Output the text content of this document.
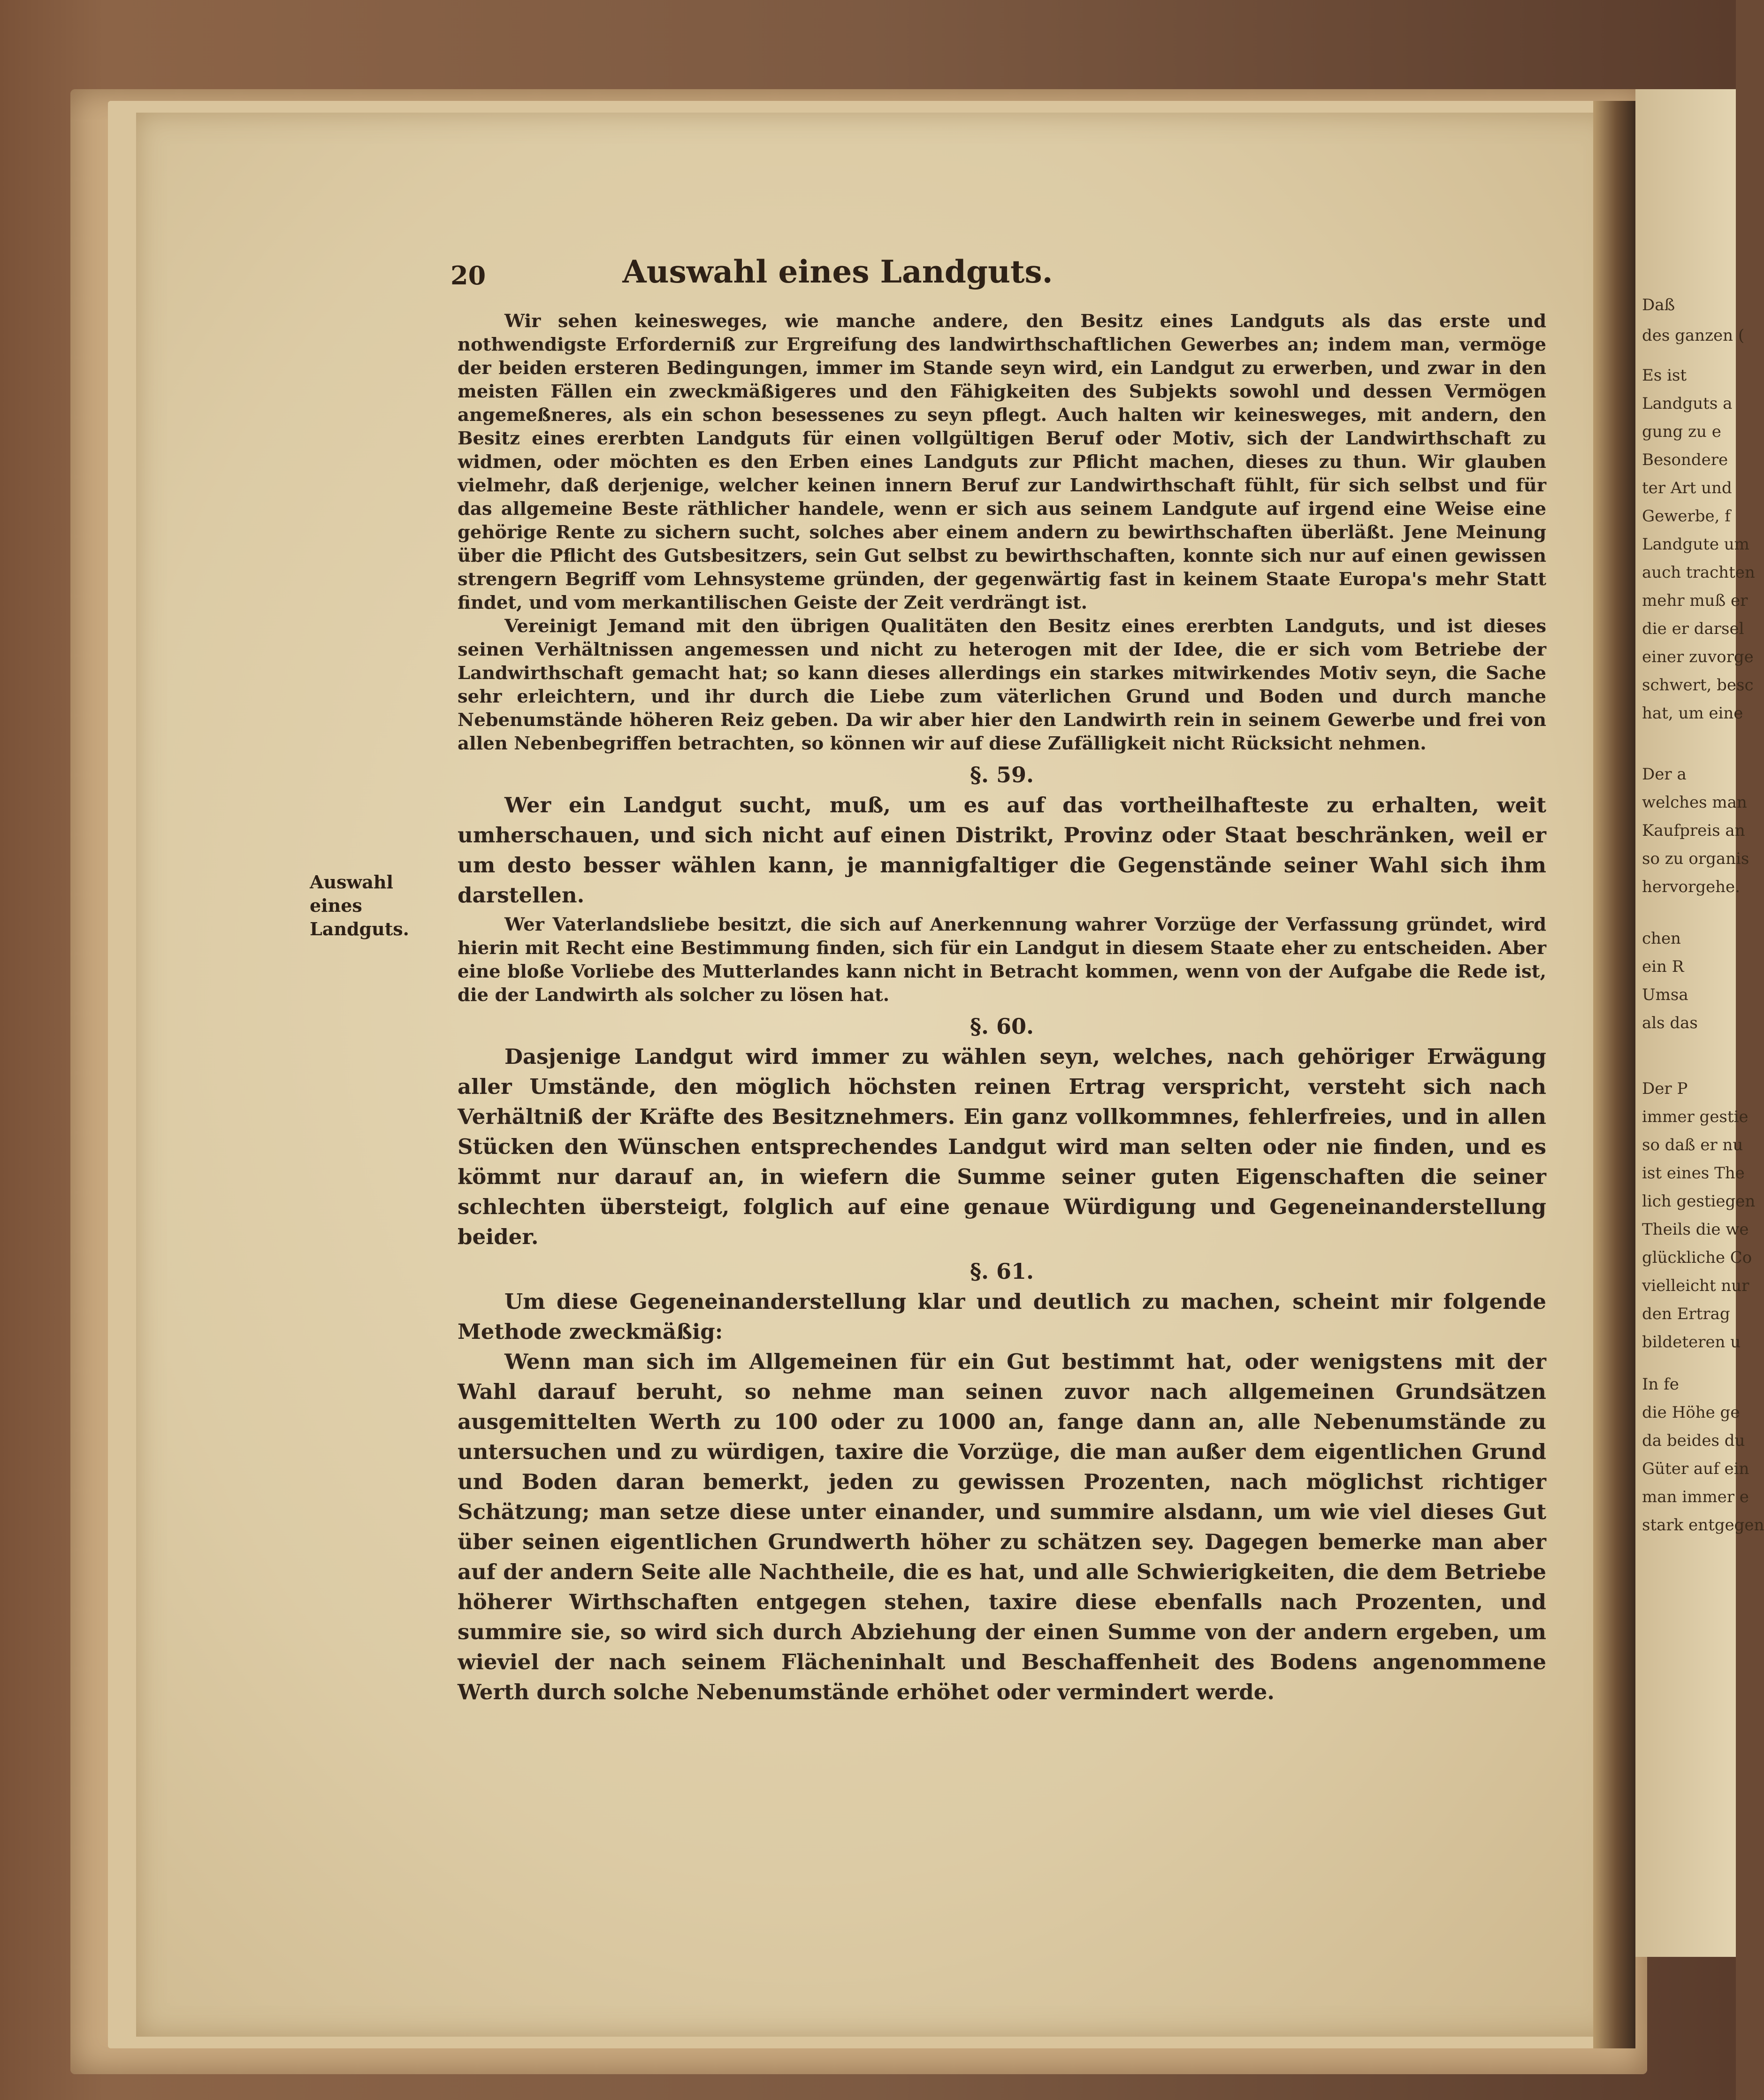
Daß
des ganzen (
Es ist
Landguts a
gung zu e
Besondere
ter Art und
Gewerbe, f
Landgute um
auch trachten
mehr muß er
die er darsel
einer zuvorge
schwert, besc
hat, um eine
Der a
welches man
Kaufpreis an
so zu organis
hervorgehe.
chen
ein R
Umsa
als das
Der P
immer gestie
so daß er nu
ist eines The
lich gestiegen
Theils die we
glückliche Co
vielleicht nur
den Ertrag
bildeteren u
In fe
die Höhe ge
da beides du
Güter auf ein
man immer e
stark entgegen
20	Auswahl eines Landguts.
Auswahl eines
Landguts.

Wir sehen keinesweges, wie manche andere, den Besitz eines Landguts als das erste und nothwendigste Erforderniß zur Ergreifung des landwirthschaftlichen Gewerbes an; indem man, vermöge der beiden ersteren Bedingungen, immer im Stande seyn wird, ein Landgut zu erwerben, und zwar in den meisten Fällen ein zweckmäßigeres und den Fähigkeiten des Subjekts sowohl und dessen Vermögen angemeßneres, als ein schon besessenes zu seyn pflegt. Auch halten wir keinesweges, mit andern, den Besitz eines ererbten Landguts für einen vollgültigen Beruf oder Motiv, sich der Landwirthschaft zu widmen, oder möchten es den Erben eines Landguts zur Pflicht machen, dieses zu thun. Wir glauben vielmehr, daß derjenige, welcher keinen innern Beruf zur Landwirthschaft fühlt, für sich selbst und für das allgemeine Beste räthlicher handele, wenn er sich aus seinem Landgute auf irgend eine Weise eine gehörige Rente zu sichern sucht, solches aber einem andern zu bewirthschaften überläßt. Jene Meinung über die Pflicht des Gutsbesitzers, sein Gut selbst zu bewirthschaften, konnte sich nur auf einen gewissen strengern Begriff vom Lehnsysteme gründen, der gegenwärtig fast in keinem Staate Europa's mehr Statt findet, und vom merkantilischen Geiste der Zeit verdrängt ist.

Vereinigt Jemand mit den übrigen Qualitäten den Besitz eines ererbten Landguts, und ist dieses seinen Verhältnissen angemessen und nicht zu heterogen mit der Idee, die er sich vom Betriebe der Landwirthschaft gemacht hat; so kann dieses allerdings ein starkes mitwirkendes Motiv seyn, die Sache sehr erleichtern, und ihr durch die Liebe zum väterlichen Grund und Boden und durch manche Nebenumstände höheren Reiz geben. Da wir aber hier den Landwirth rein in seinem Gewerbe und frei von allen Nebenbegriffen betrachten, so können wir auf diese Zufälligkeit nicht Rücksicht nehmen.

§. 59.

Wer ein Landgut sucht, muß, um es auf das vortheilhafteste zu erhalten, weit umherschauen, und sich nicht auf einen Distrikt, Provinz oder Staat beschränken, weil er um desto besser wählen kann, je mannigfaltiger die Gegenstände seiner Wahl sich ihm darstellen.

Wer Vaterlandsliebe besitzt, die sich auf Anerkennung wahrer Vorzüge der Verfassung gründet, wird hierin mit Recht eine Bestimmung finden, sich für ein Landgut in diesem Staate eher zu entscheiden. Aber eine bloße Vorliebe des Mutterlandes kann nicht in Betracht kommen, wenn von der Aufgabe die Rede ist, die der Landwirth als solcher zu lösen hat.

§. 60.

Dasjenige Landgut wird immer zu wählen seyn, welches, nach gehöriger Erwägung aller Umstände, den möglich höchsten reinen Ertrag verspricht, versteht sich nach Verhältniß der Kräfte des Besitznehmers. Ein ganz vollkommnes, fehlerfreies, und in allen Stücken den Wünschen entsprechendes Landgut wird man selten oder nie finden, und es kömmt nur darauf an, in wiefern die Summe seiner guten Eigenschaften die seiner schlechten übersteigt, folglich auf eine genaue Würdigung und Gegeneinanderstellung beider.

§. 61.

Um diese Gegeneinanderstellung klar und deutlich zu machen, scheint mir folgende Methode zweckmäßig:

Wenn man sich im Allgemeinen für ein Gut bestimmt hat, oder wenigstens mit der Wahl darauf beruht, so nehme man seinen zuvor nach allgemeinen Grundsätzen ausgemittelten Werth zu 100 oder zu 1000 an, fange dann an, alle Nebenumstände zu untersuchen und zu würdigen, taxire die Vorzüge, die man außer dem eigentlichen Grund und Boden daran bemerkt, jeden zu gewissen Prozenten, nach möglichst richtiger Schätzung; man setze diese unter einander, und summire alsdann, um wie viel dieses Gut über seinen eigentlichen Grundwerth höher zu schätzen sey. Dagegen bemerke man aber auf der andern Seite alle Nachtheile, die es hat, und alle Schwierigkeiten, die dem Betriebe höherer Wirthschaften entgegen stehen, taxire diese ebenfalls nach Prozenten, und summire sie, so wird sich durch Abziehung der einen Summe von der andern ergeben, um wieviel der nach seinem Flächeninhalt und Beschaffenheit des Bodens angenommene Werth durch solche Nebenumstände erhöhet oder vermindert werde.
